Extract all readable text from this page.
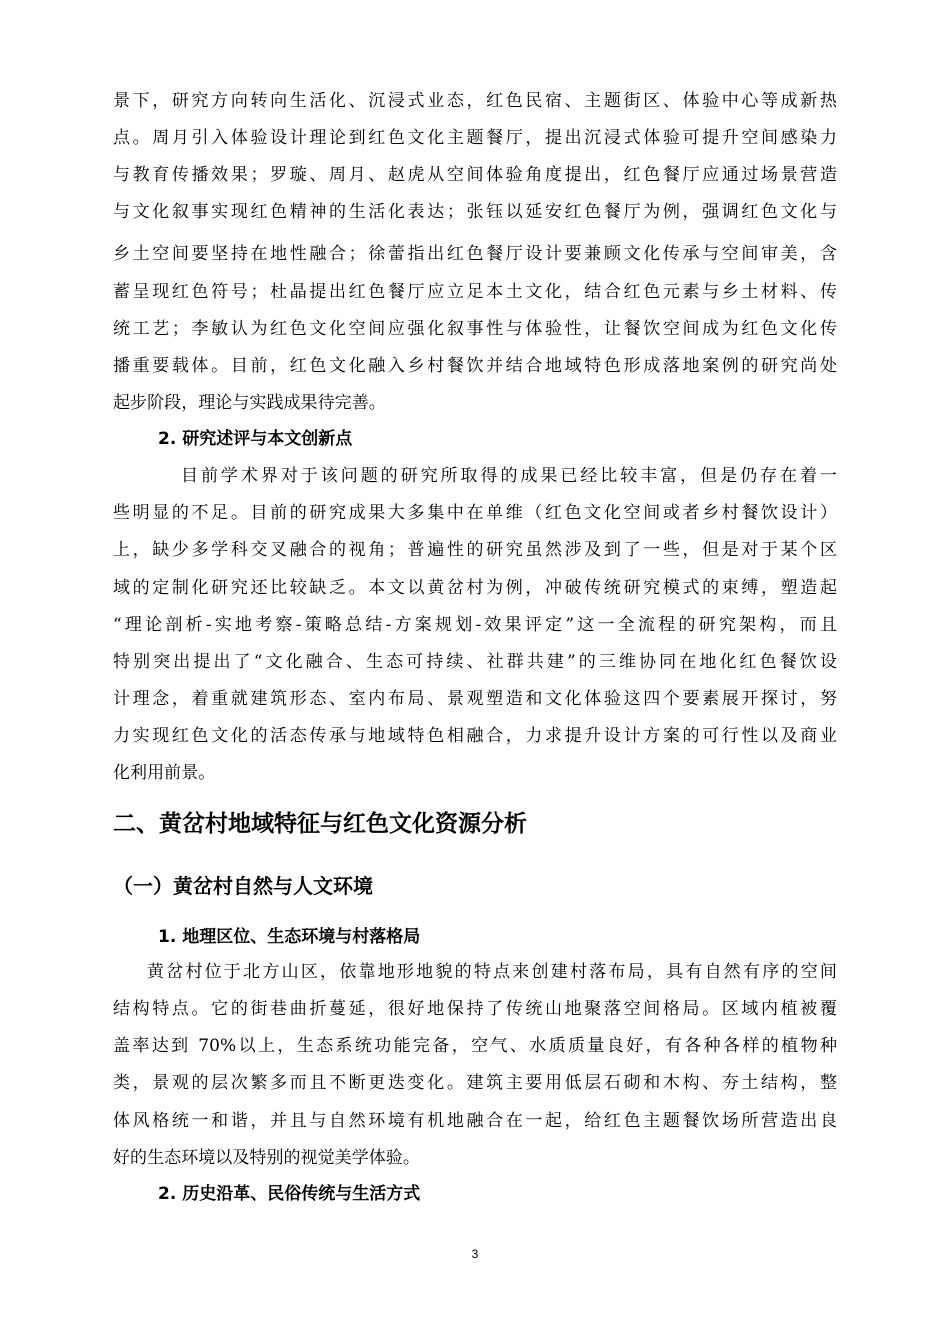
景下，研究方向转向生活化、沉浸式业态，红色民宿、主题街区、体验中心等成新热
点。周月引入体验设计理论到红色文化主题餐厅，提出沉浸式体验可提升空间感染力
与教育传播效果；罗璇、周月、赵虎从空间体验角度提出，红色餐厅应通过场景营造
与文化叙事实现红色精神的生活化表达；张钰以延安红色餐厅为例，强调红色文化与
乡土空间要坚持在地性融合；徐蕾指出红色餐厅设计要兼顾文化传承与空间审美，含
蓄呈现红色符号；杜晶提出红色餐厅应立足本土文化，结合红色元素与乡土材料、传
统工艺；李敏认为红色文化空间应强化叙事性与体验性，让餐饮空间成为红色文化传
播重要载体。目前，红色文化融入乡村餐饮并结合地域特色形成落地案例的研究尚处
起步阶段，理论与实践成果待完善。
2. 研究述评与本文创新点
目前学术界对于该问题的研究所取得的成果已经比较丰富，但是仍存在着一
些明显的不足。目前的研究成果大多集中在单维（红色文化空间或者乡村餐饮设计）
上，缺少多学科交叉融合的视角；普遍性的研究虽然涉及到了一些，但是对于某个区
域的定制化研究还比较缺乏。本文以黄岔村为例，冲破传统研究模式的束缚，塑造起
“理论剖析-实地考察-策略总结-方案规划-效果评定”这一全流程的研究架构，而且
特别突出提出了“文化融合、生态可持续、社群共建”的三维协同在地化红色餐饮设
计理念，着重就建筑形态、室内布局、景观塑造和文化体验这四个要素展开探讨，努
力实现红色文化的活态传承与地域特色相融合，力求提升设计方案的可行性以及商业
化利用前景。
二、黄岔村地域特征与红色文化资源分析
（一）黄岔村自然与人文环境
1. 地理区位、生态环境与村落格局
黄岔村位于北方山区，依靠地形地貌的特点来创建村落布局，具有自然有序的空间
结构特点。它的街巷曲折蔓延，很好地保持了传统山地聚落空间格局。区域内植被覆
盖率达到 70%以上，生态系统功能完备，空气、水质质量良好，有各种各样的植物种
类，景观的层次繁多而且不断更迭变化。建筑主要用低层石砌和木构、夯土结构，整
体风格统一和谐，并且与自然环境有机地融合在一起，给红色主题餐饮场所营造出良
好的生态环境以及特别的视觉美学体验。
2. 历史沿革、民俗传统与生活方式
3
